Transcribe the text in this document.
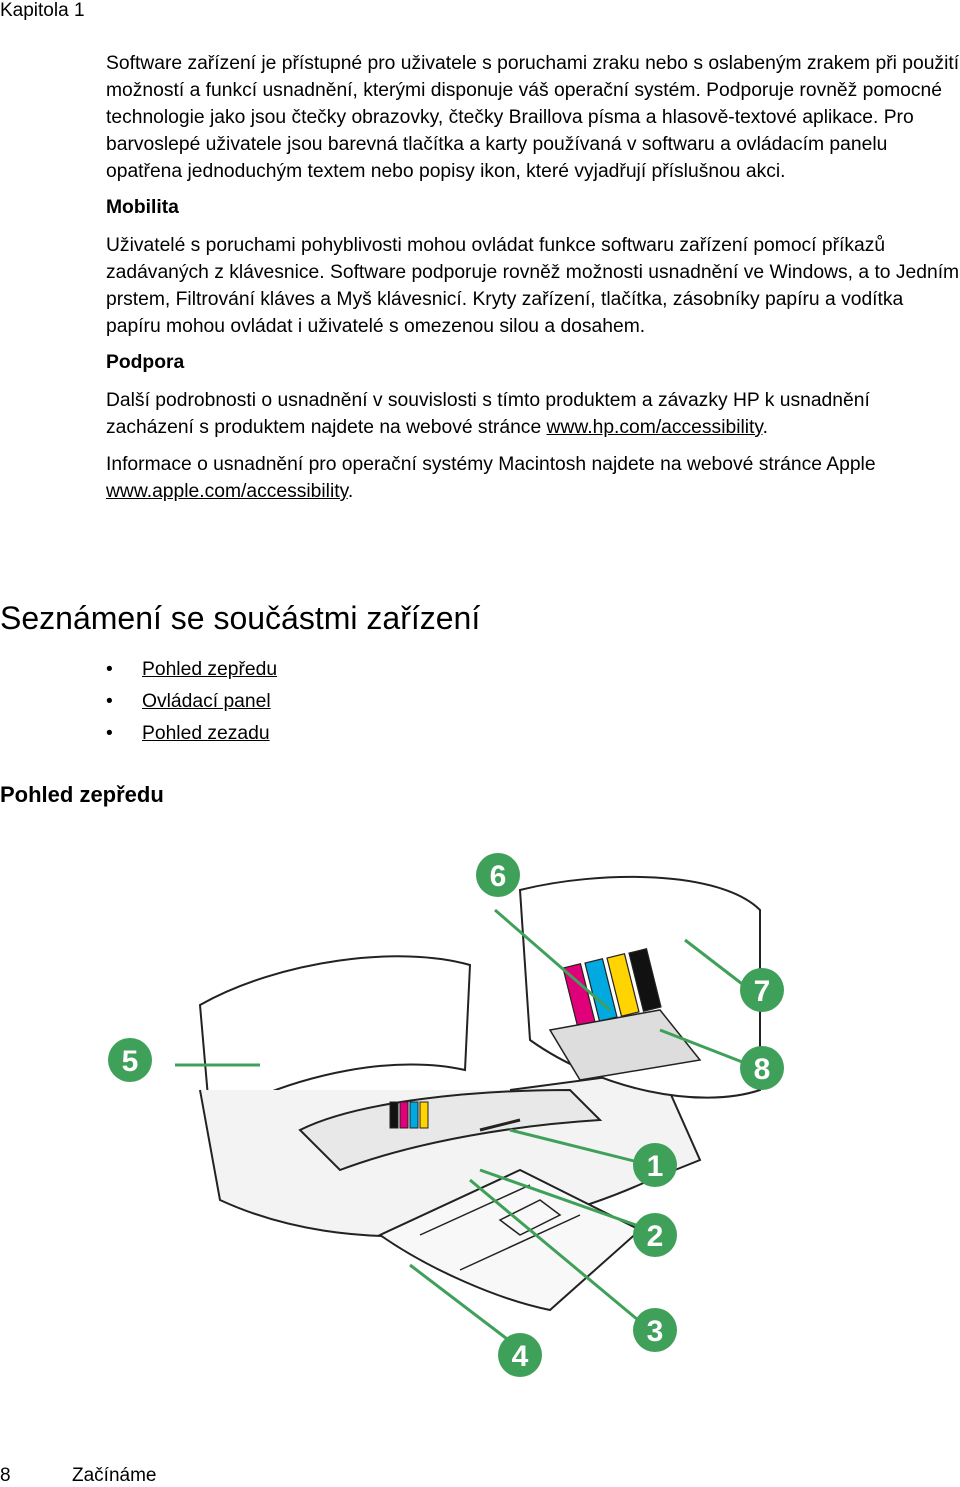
Kapitola 1

Software zařízení je přístupné pro uživatele s poruchami zraku nebo s oslabeným zrakem při použití možností a funkcí usnadnění, kterými disponuje váš operační systém. Podporuje rovněž pomocné technologie jako jsou čtečky obrazovky, čtečky Braillova písma a hlasově-textové aplikace. Pro barvoslepé uživatele jsou barevná tlačítka a karty používaná v softwaru a ovládacím panelu opatřena jednoduchým textem nebo popisy ikon, které vyjadřují příslušnou akci.

Mobilita

Uživatelé s poruchami pohyblivosti mohou ovládat funkce softwaru zařízení pomocí příkazů zadávaných z klávesnice. Software podporuje rovněž možnosti usnadnění ve Windows, a to Jedním prstem, Filtrování kláves a Myš klávesnicí. Kryty zařízení, tlačítka, zásobníky papíru a vodítka papíru mohou ovládat i uživatelé s omezenou silou a dosahem.

Podpora

Další podrobnosti o usnadnění v souvislosti s tímto produktem a závazky HP k usnadnění zacházení s produktem najdete na webové stránce www.hp.com/accessibility.

Informace o usnadnění pro operační systémy Macintosh najdete na webové stránce Apple www.apple.com/accessibility.

Seznámení se součástmi zařízení
• Pohled zepředu
• Ovládací panel
• Pohled zezadu
Pohled zepředu
1
2
3
4
5
6
7
8
8	Začínáme
